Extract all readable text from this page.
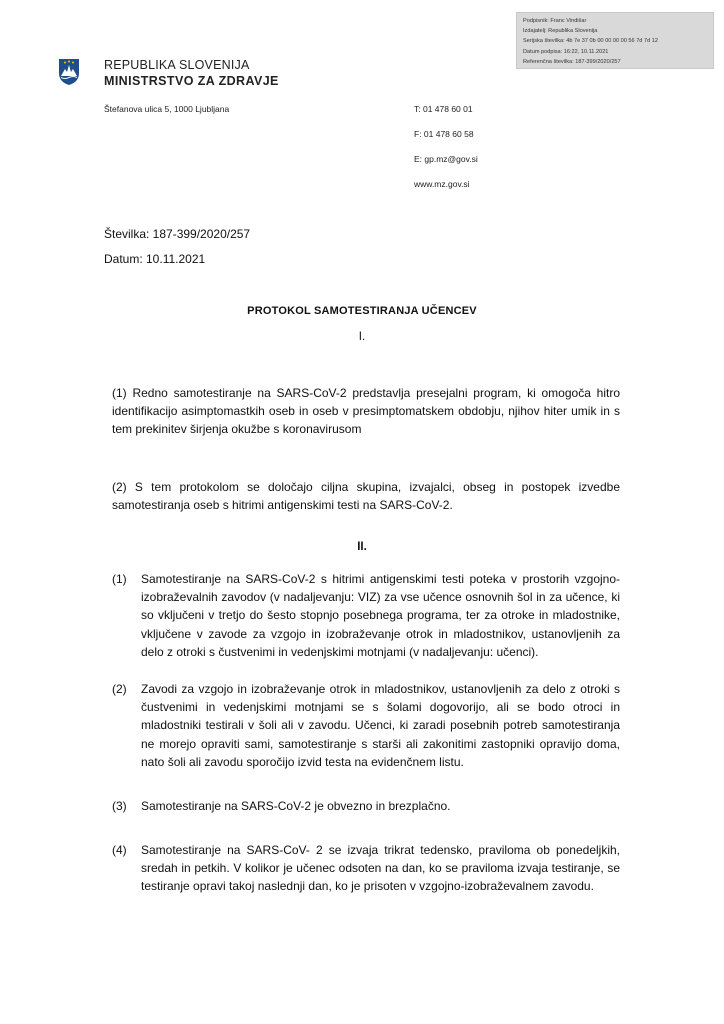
Podpisnik: Franc Vindišar
Izdajatelj: Republika Slovenija
Serijska številka: 4b 7e 37 0b 00 00 00 00 56 7d 7d 12
Datum podpisa: 16:22, 10.11.2021
Referenčna številka: 187-399/2020/257
REPUBLIKA SLOVENIJA
MINISTRSTVO ZA ZDRAVJE
Štefanova ulica 5, 1000 Ljubljana	T: 01 478 60 01
F: 01 478 60 58
E: gp.mz@gov.si
www.mz.gov.si
Številka: 187-399/2020/257
Datum: 10.11.2021
PROTOKOL SAMOTESTIRANJA UČENCEV
I.
(1) Redno samotestiranje na SARS-CoV-2 predstavlja presejalni program, ki omogoča hitro identifikacijo asimptomastkih oseb in oseb v presimptomatskem obdobju, njihov hiter umik in s tem prekinitev širjenja okužbe s koronavirusom
(2) S tem protokolom se določajo ciljna skupina, izvajalci, obseg in postopek izvedbe samotestiranja oseb s hitrimi antigenskimi testi na SARS-CoV-2.
II.
(1) Samotestiranje na SARS-CoV-2 s hitrimi antigenskimi testi poteka v prostorih vzgojno-izobraževalnih zavodov (v nadaljevanju: VIZ) za vse učence osnovnih šol in za učence, ki so vključeni v tretjo do šesto stopnjo posebnega programa, ter za otroke in mladostnike, vključene v zavode za vzgojo in izobraževanje otrok in mladostnikov, ustanovljenih za delo z otroki s čustvenimi in vedenjskimi motnjami (v nadaljevanju: učenci).
(2) Zavodi za vzgojo in izobraževanje otrok in mladostnikov, ustanovljenih za delo z otroki s čustvenimi in vedenjskimi motnjami se s šolami dogovorijo, ali se bodo otroci in mladostniki testirali v šoli ali v zavodu. Učenci, ki zaradi posebnih potreb samotestiranja ne morejo opraviti sami, samotestiranje s starši ali zakonitimi zastopniki opravijo doma, nato šoli ali zavodu sporočijo izvid testa na evidenčnem listu.
(3) Samotestiranje na SARS-CoV-2 je obvezno in brezplačno.
(4) Samotestiranje na SARS-CoV- 2 se izvaja trikrat tedensko, praviloma ob ponedeljkih, sredah in petkih. V kolikor je učenec odsoten na dan, ko se praviloma izvaja testiranje, se testiranje opravi takoj naslednji dan, ko je prisoten v vzgojno-izobraževalnem zavodu.
